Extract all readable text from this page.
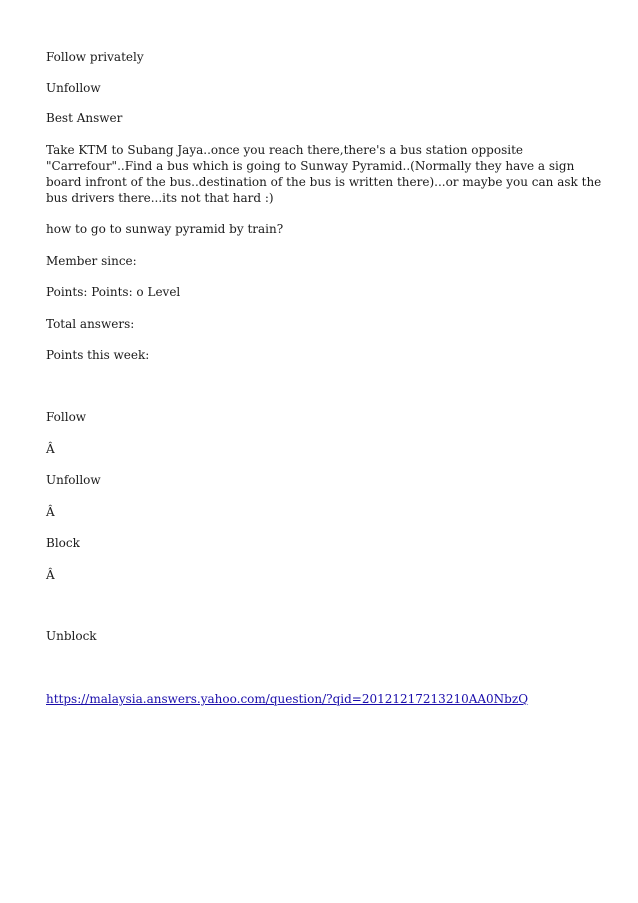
Follow privately
Unfollow
Best Answer
Take KTM to Subang Jaya..once you reach there,there's a bus station opposite "Carrefour"..Find a bus which is going to Sunway Pyramid..(Normally they have a sign board infront of the bus..destination of the bus is written there)...or maybe you can ask the bus drivers there...its not that hard :)
how to go to sunway pyramid by train?
Member since:
Points: Points: o Level
Total answers:
Points this week:
Follow
Â
Unfollow
Â
Block
Â
Unblock
https://malaysia.answers.yahoo.com/question/?qid=20121217213210AA0NbzQ
